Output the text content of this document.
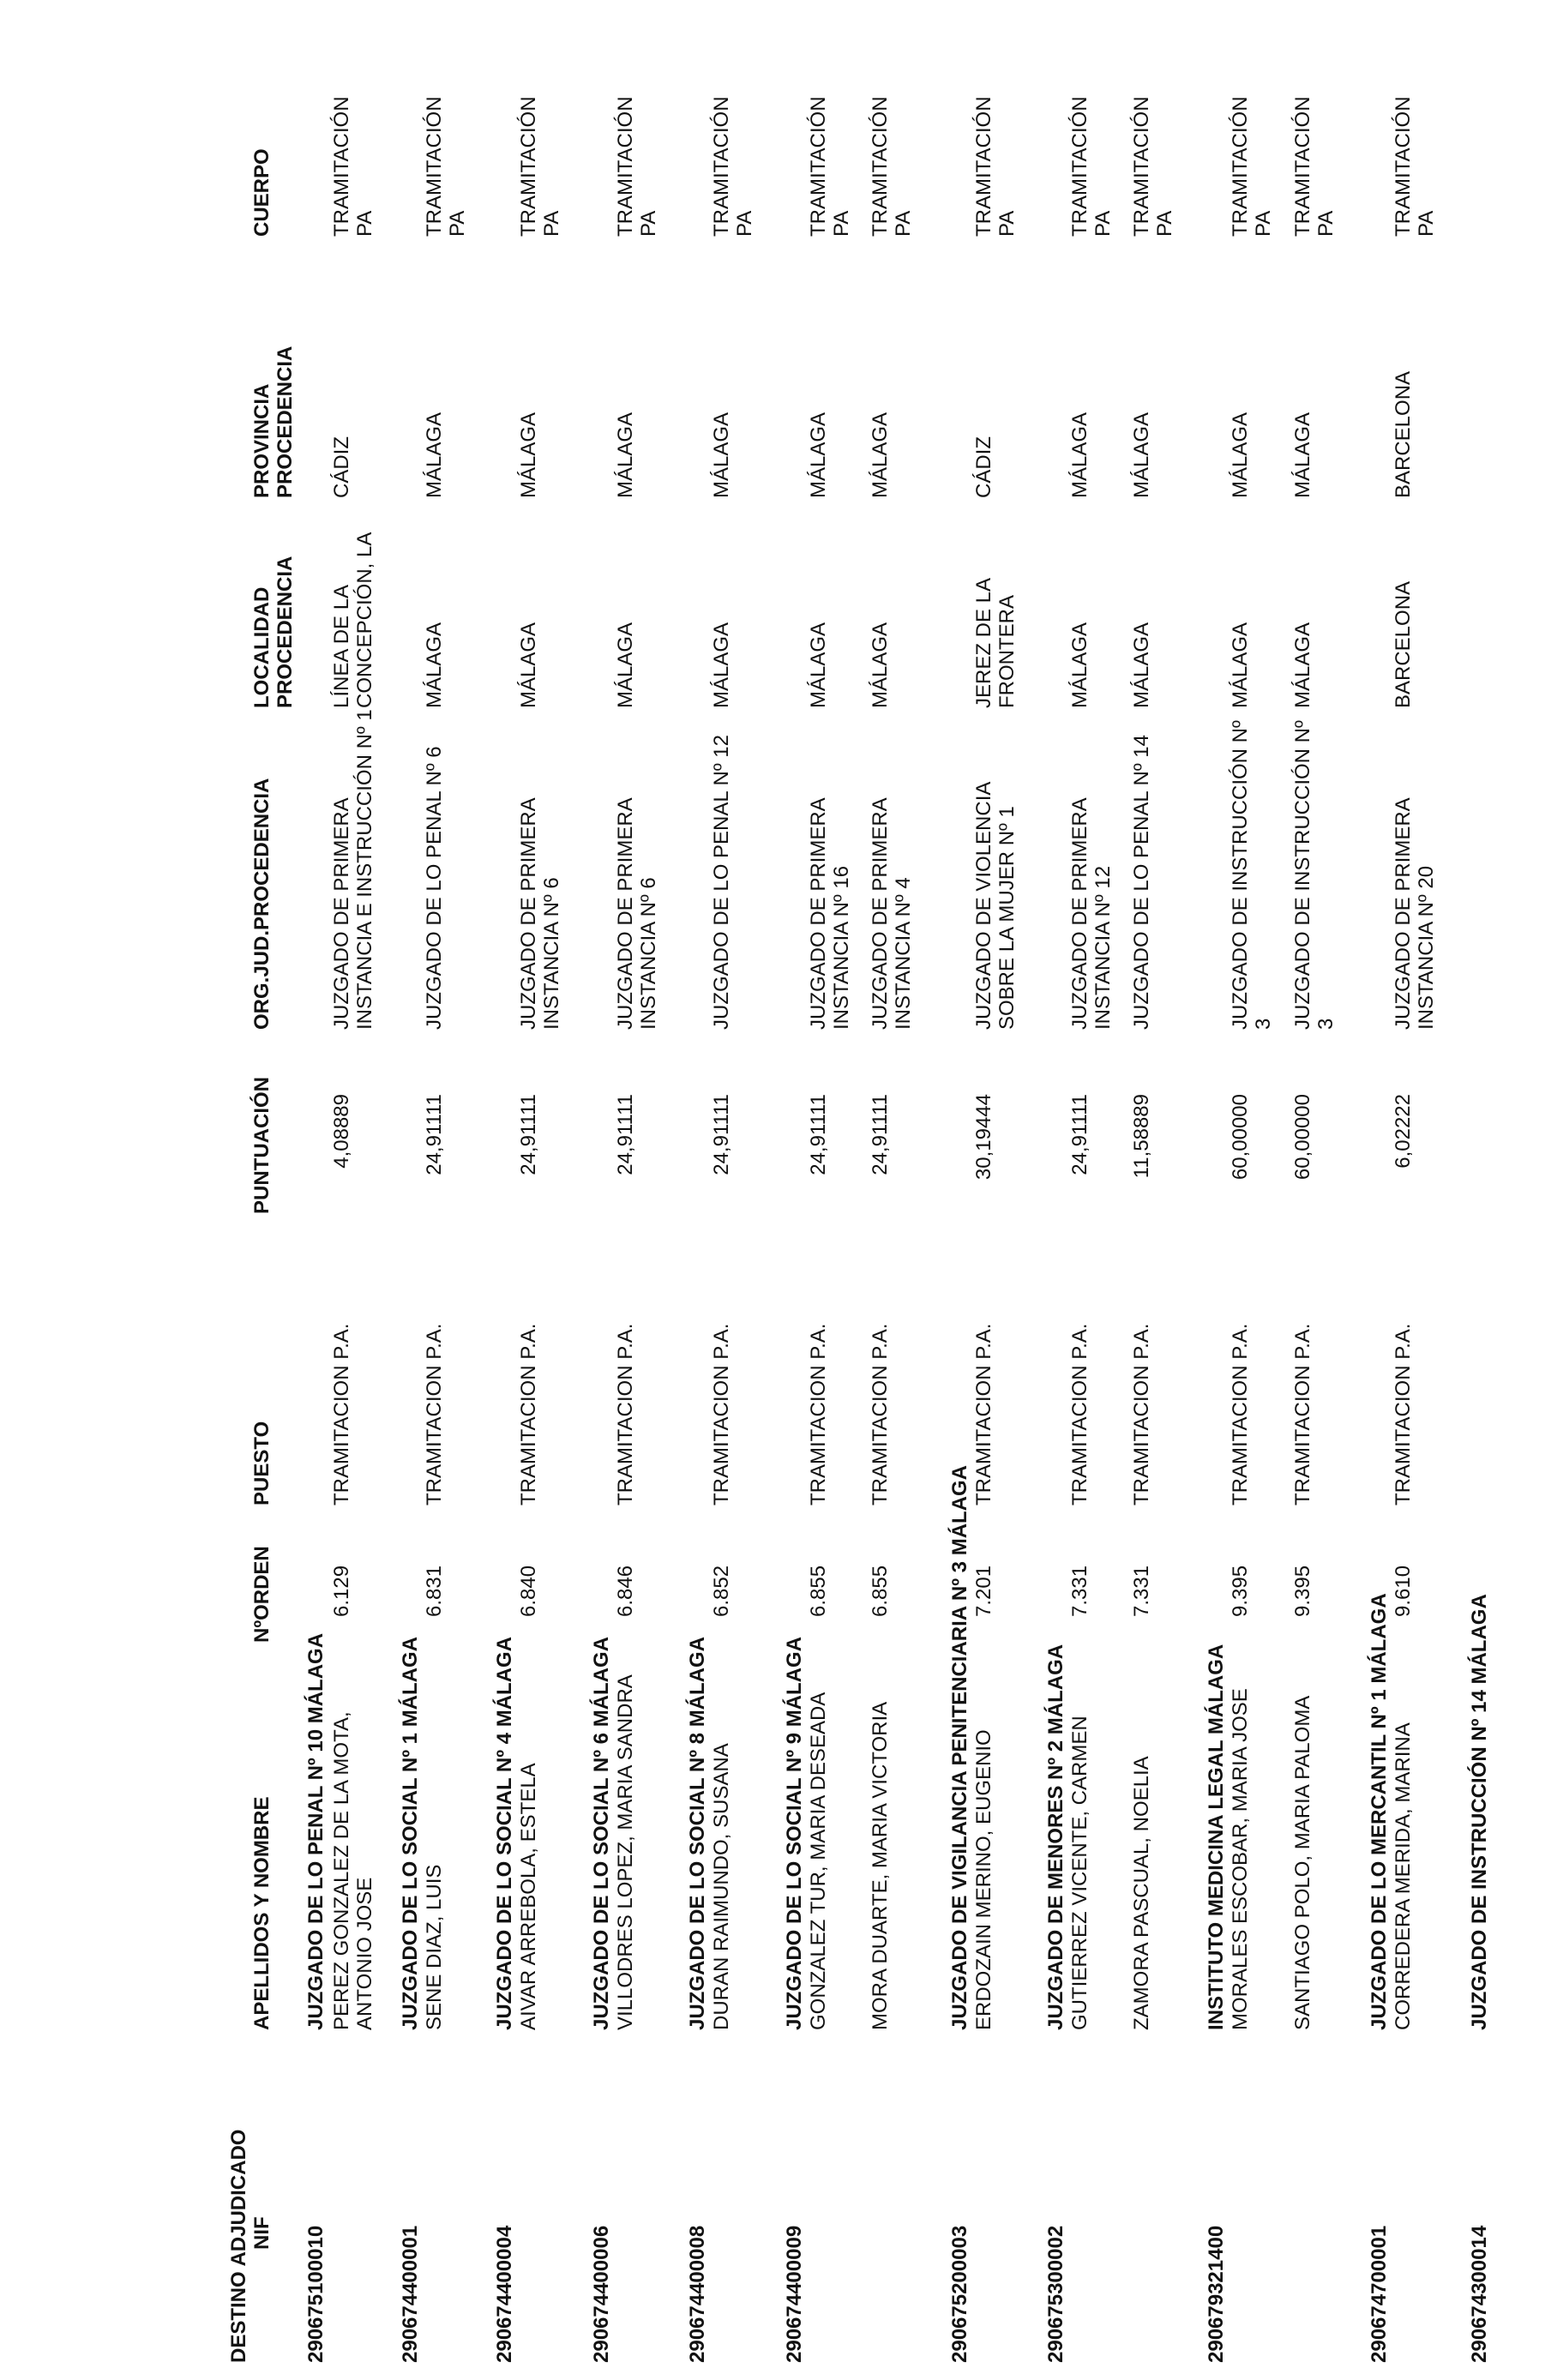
DESTINO ADJUDICADO NIF
APELLIDOS Y NOMBRE
NºORDEN
PUESTO
PUNTUACIÓN
ORG.JUD.PROCEDENCIA
LOCALIDAD PROCEDENCIA
PROVINCIA PROCEDENCIA
CUERPO
290675100010
JUZGADO DE LO PENAL Nº 10 MÁLAGA PEREZ GONZALEZ DE LA MOTA, ANTONIO JOSE
6.129
TRAMITACION P.A.
4,08889
JUZGADO DE PRIMERA INSTANCIA E INSTRUCCIÓN Nº 1
LÍNEA DE LA CONCEPCIÓN, LA
CÁDIZ
TRAMITACIÓN PA
290674400001
JUZGADO DE LO SOCIAL Nº 1 MÁLAGA SENE DIAZ, LUIS
6.831
TRAMITACION P.A.
24,91111
JUZGADO DE LO PENAL Nº 6
MÁLAGA
MÁLAGA
TRAMITACIÓN PA
290674400004
JUZGADO DE LO SOCIAL Nº 4 MÁLAGA AIVAR ARREBOLA, ESTELA
6.840
TRAMITACION P.A.
24,91111
JUZGADO DE PRIMERA INSTANCIA Nº 6
MÁLAGA
MÁLAGA
TRAMITACIÓN PA
290674400006
JUZGADO DE LO SOCIAL Nº 6 MÁLAGA VILLODRES LOPEZ, MARIA SANDRA
6.846
TRAMITACION P.A.
24,91111
JUZGADO DE PRIMERA INSTANCIA Nº 6
MÁLAGA
MÁLAGA
TRAMITACIÓN PA
290674400008
JUZGADO DE LO SOCIAL Nº 8 MÁLAGA DURAN RAIMUNDO, SUSANA
6.852
TRAMITACION P.A.
24,91111
JUZGADO DE LO PENAL Nº 12
MÁLAGA
MÁLAGA
TRAMITACIÓN PA
290674400009
JUZGADO DE LO SOCIAL Nº 9 MÁLAGA GONZALEZ TUR, MARIA DESEADA
6.855
TRAMITACION P.A.
24,91111
JUZGADO DE PRIMERA INSTANCIA Nº 16
MÁLAGA
MÁLAGA
TRAMITACIÓN PA
MORA DUARTE, MARIA VICTORIA
6.855
TRAMITACION P.A.
24,91111
JUZGADO DE PRIMERA INSTANCIA Nº 4
MÁLAGA
MÁLAGA
TRAMITACIÓN PA
290675200003
JUZGADO DE VIGILANCIA PENITENCIARIA Nº 3 MÁLAGA ERDOZAIN MERINO, EUGENIO
7.201
TRAMITACION P.A.
30,19444
JUZGADO DE VIOLENCIA SOBRE LA MUJER Nº 1
JEREZ DE LA FRONTERA
CÁDIZ
TRAMITACIÓN PA
290675300002
JUZGADO DE MENORES Nº 2 MÁLAGA GUTIERREZ VICENTE, CARMEN
7.331
TRAMITACION P.A.
24,91111
JUZGADO DE PRIMERA INSTANCIA Nº 12
MÁLAGA
MÁLAGA
TRAMITACIÓN PA
ZAMORA PASCUAL, NOELIA
7.331
TRAMITACION P.A.
11,58889
JUZGADO DE LO PENAL Nº 14
MÁLAGA
MÁLAGA
TRAMITACIÓN PA
290679321400
INSTITUTO MEDICINA LEGAL MÁLAGA MORALES ESCOBAR, MARIA JOSE
9.395
TRAMITACION P.A.
60,00000
JUZGADO DE INSTRUCCIÓN Nº 3
MÁLAGA
MÁLAGA
TRAMITACIÓN PA
SANTIAGO POLO, MARIA PALOMA
9.395
TRAMITACION P.A.
60,00000
JUZGADO DE INSTRUCCIÓN Nº 3
MÁLAGA
MÁLAGA
TRAMITACIÓN PA
290674700001
JUZGADO DE LO MERCANTIL Nº 1 MÁLAGA CORREDERA MERIDA, MARINA
9.610
TRAMITACION P.A.
6,02222
JUZGADO DE PRIMERA INSTANCIA Nº 20
BARCELONA
BARCELONA
TRAMITACIÓN PA
290674300014
JUZGADO DE INSTRUCCIÓN Nº 14 MÁLAGA
